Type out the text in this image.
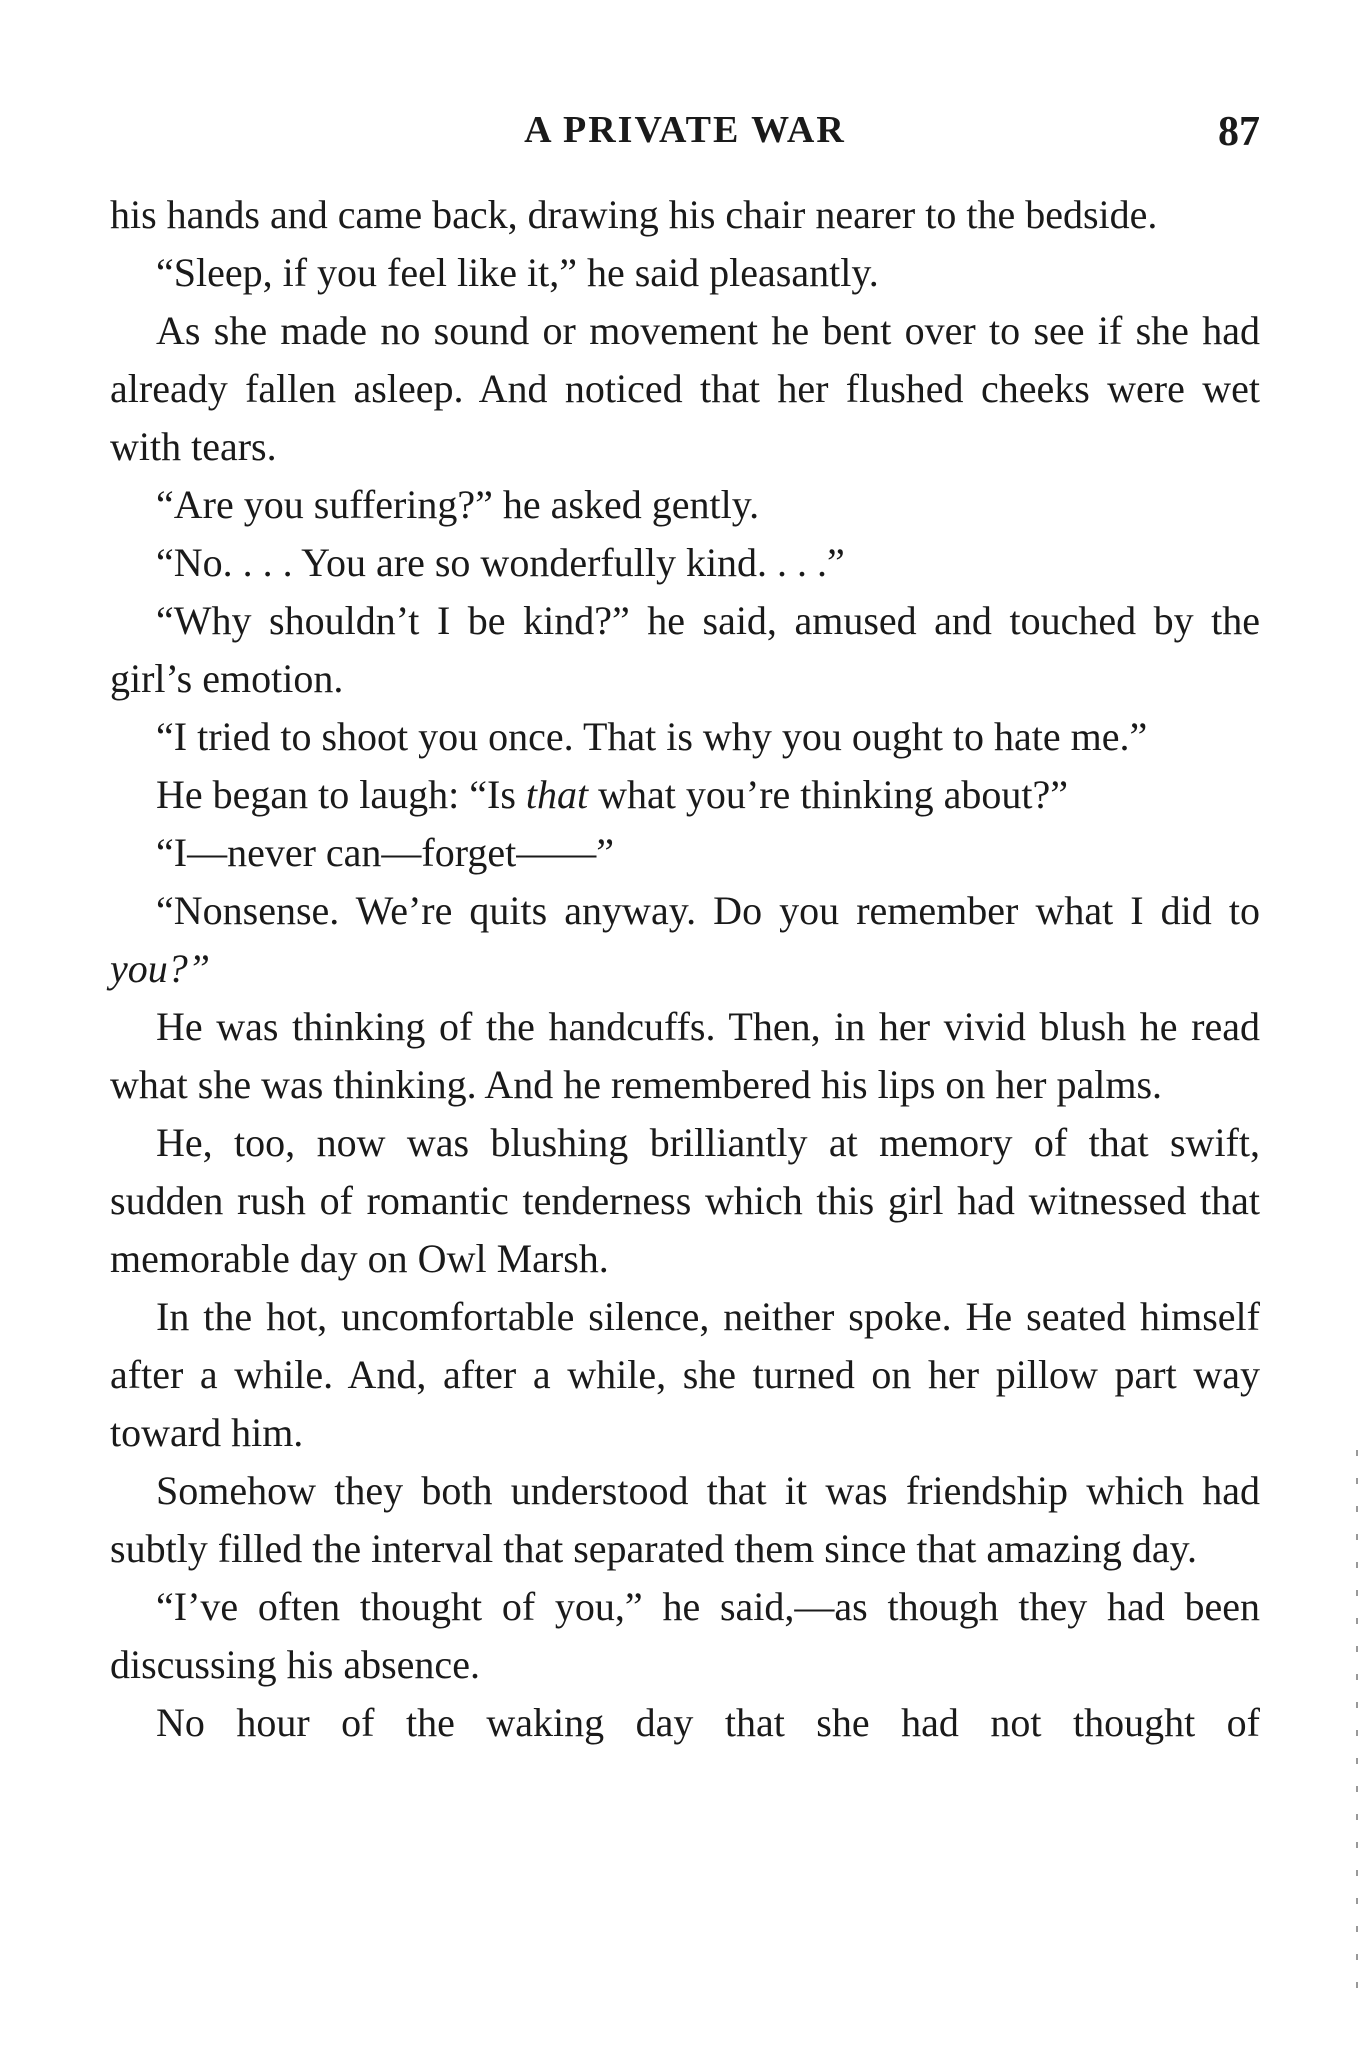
A PRIVATE WAR	87

his hands and came back, drawing his chair nearer to the bedside.

“Sleep, if you feel like it,” he said pleasantly.

As she made no sound or movement he bent over to see if she had already fallen asleep. And noticed that her flushed cheeks were wet with tears.

“Are you suffering?” he asked gently.

“No. . . . You are so wonderfully kind. . . .”

“Why shouldn’t I be kind?” he said, amused and touched by the girl’s emotion.

“I tried to shoot you once. That is why you ought to hate me.”

He began to laugh: “Is that what you’re thinking about?”

“I—never can—forget——”

“Nonsense. We’re quits anyway. Do you remember what I did to you?”

He was thinking of the handcuffs. Then, in her vivid blush he read what she was thinking. And he remembered his lips on her palms.

He, too, now was blushing brilliantly at memory of that swift, sudden rush of romantic tenderness which this girl had witnessed that memorable day on Owl Marsh.

In the hot, uncomfortable silence, neither spoke. He seated himself after a while. And, after a while, she turned on her pillow part way toward him.

Somehow they both understood that it was friendship which had subtly filled the interval that separated them since that amazing day.

“I’ve often thought of you,” he said,—as though they had been discussing his absence.

No hour of the waking day that she had not thought of
